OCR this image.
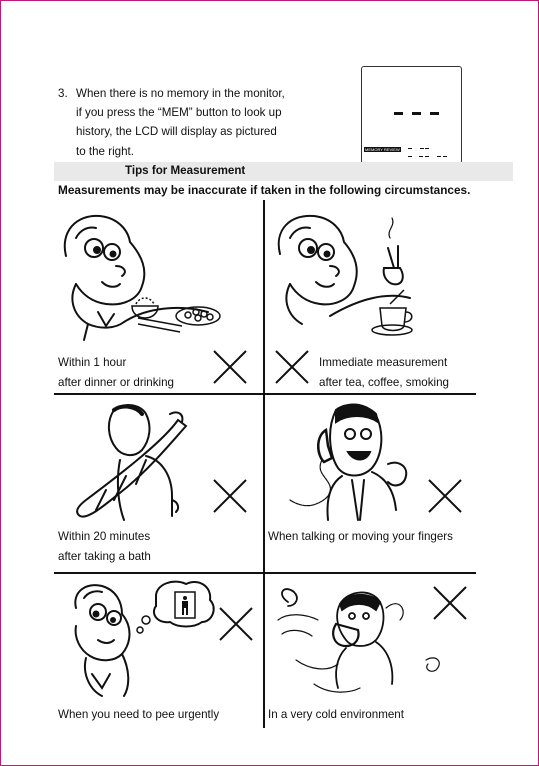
3. When there is no memory in the monitor,
if you press the “MEM” button to look up
history, the LCD will display as pictured
to the right.	MEMORY REVIEW
Tips for Measurement
Measurements may be inaccurate if taken in the following circumstances.
Within 1 hour
after dinner or drinking
Immediate measurement
after tea, coffee, smoking
Within 20 minutes
after taking a bath
When talking or moving your fingers
When you need to pee urgently	In a very cold environment
